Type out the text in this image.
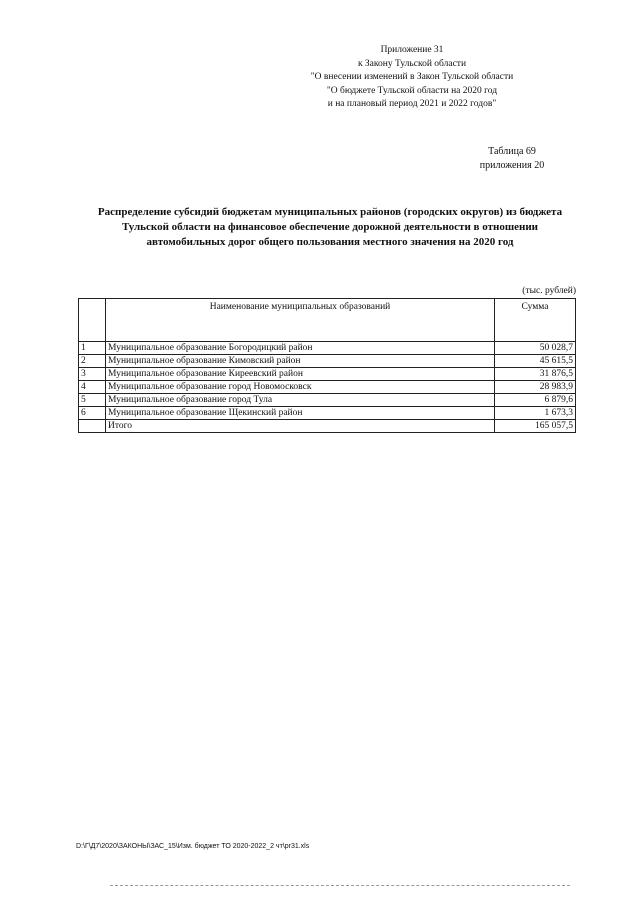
Приложение 31
к Закону Тульской области
"О внесении изменений в Закон Тульской области
"О бюджете Тульской области на 2020 год
и на плановый период 2021 и 2022 годов"
Таблица 69
приложения 20
Распределение субсидий бюджетам муниципальных районов (городских округов) из бюджета Тульской области на финансовое обеспечение дорожной деятельности в отношении автомобильных дорог общего пользования местного значения на 2020 год
(тыс. рублей)
	Наименование муниципальных образований	Сумма
1	Муниципальное образование Богородицкий район	50 028,7
2	Муниципальное образование Кимовский район	45 615,5
3	Муниципальное образование Киреевский район	31 876,5
4	Муниципальное образование город Новомосковск	28 983,9
5	Муниципальное образование город Тула	6 879,6
6	Муниципальное образование Щекинский район	1 673,3
	Итого	165 057,5
D:\Г\Д7\2020\ЗАКОНЫ\ЗАС_15\Изм. бюджет ТО 2020-2022_2 чт\pr31.xls
